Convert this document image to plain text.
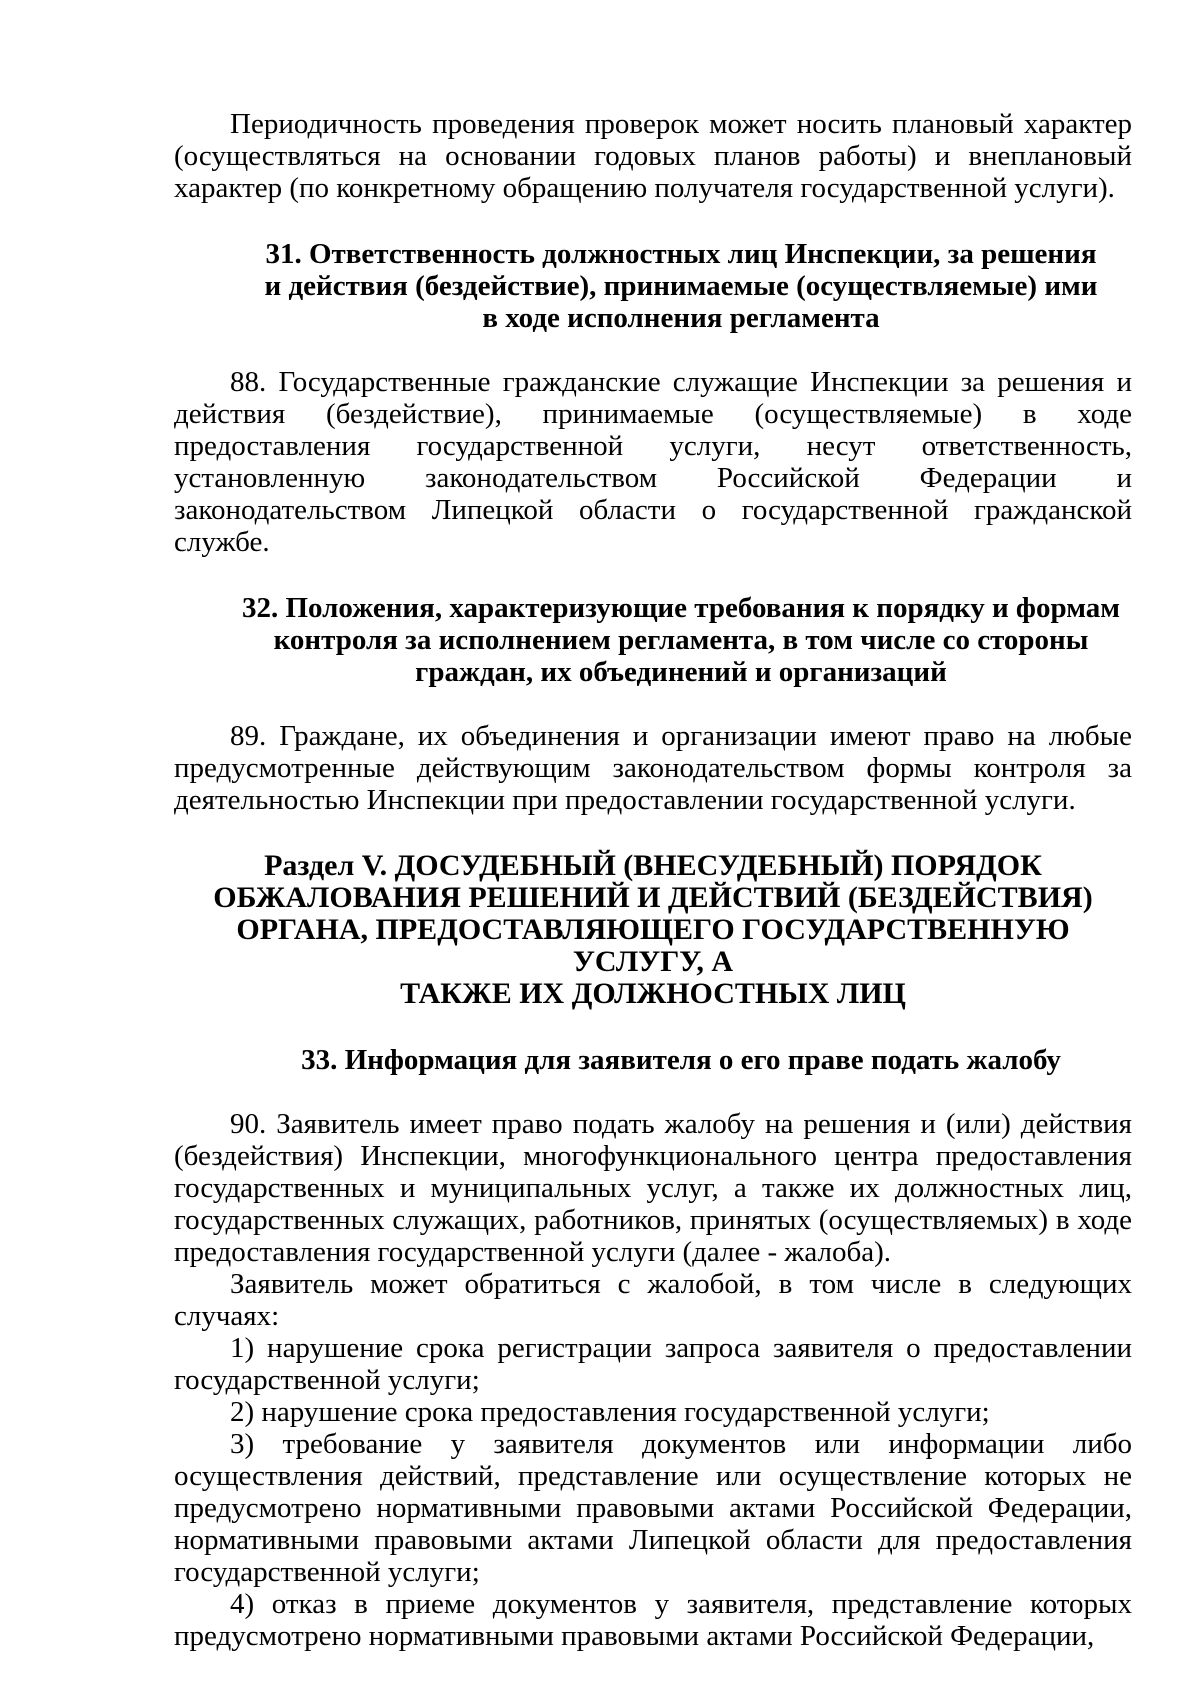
Периодичность проведения проверок может носить плановый характер (осуществляться на основании годовых планов работы) и внеплановый характер (по конкретному обращению получателя государственной услуги).

31. Ответственность должностных лиц Инспекции, за решения

и действия (бездействие), принимаемые (осуществляемые) ими

в ходе исполнения регламента

88. Государственные гражданские служащие Инспекции за решения и действия (бездействие), принимаемые (осуществляемые) в ходе предоставления государственной услуги, несут ответственность, установленную законодательством Российской Федерации и законодательством Липецкой области о государственной гражданской службе.

32. Положения, характеризующие требования к порядку и формам

контроля за исполнением регламента, в том числе со стороны

граждан, их объединений и организаций

89. Граждане, их объединения и организации имеют право на любые предусмотренные действующим законодательством формы контроля за деятельностью Инспекции при предоставлении государственной услуги.

Раздел V. ДОСУДЕБНЫЙ (ВНЕСУДЕБНЫЙ) ПОРЯДОК

ОБЖАЛОВАНИЯ РЕШЕНИЙ И ДЕЙСТВИЙ (БЕЗДЕЙСТВИЯ)

ОРГАНА, ПРЕДОСТАВЛЯЮЩЕГО ГОСУДАРСТВЕННУЮ УСЛУГУ, А

ТАКЖЕ ИХ ДОЛЖНОСТНЫХ ЛИЦ

33. Информация для заявителя о его праве подать жалобу

90. Заявитель имеет право подать жалобу на решения и (или) действия (бездействия) Инспекции, многофункционального центра предоставления государственных и муниципальных услуг, а также их должностных лиц, государственных служащих, работников, принятых (осуществляемых) в ходе предоставления государственной услуги (далее - жалоба).

Заявитель может обратиться с жалобой, в том числе в следующих случаях:

1) нарушение срока регистрации запроса заявителя о предоставлении государственной услуги;

2) нарушение срока предоставления государственной услуги;

3) требование у заявителя документов или информации либо осуществления действий, представление или осуществление которых не предусмотрено нормативными правовыми актами Российской Федерации, нормативными правовыми актами Липецкой области для предоставления государственной услуги;

4) отказ в приеме документов у заявителя, представление которых предусмотрено нормативными правовыми актами Российской Федерации,
